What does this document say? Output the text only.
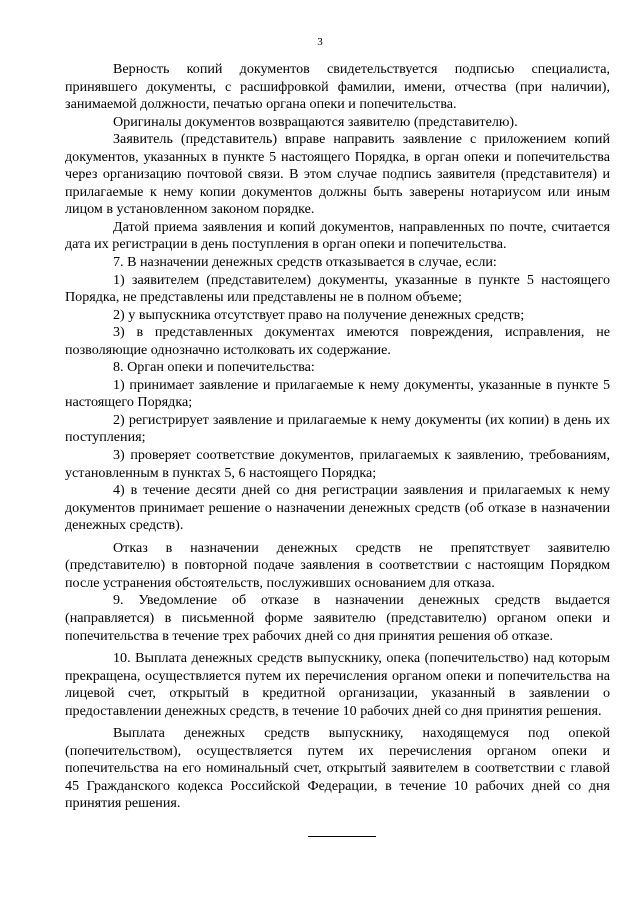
3

Верность копий документов свидетельствуется подписью специалиста, принявшего документы, с расшифровкой фамилии, имени, отчества (при наличии), занимаемой должности, печатью органа опеки и попечительства.

Оригиналы документов возвращаются заявителю (представителю).

Заявитель (представитель) вправе направить заявление с приложением копий документов, указанных в пункте 5 настоящего Порядка, в орган опеки и попечительства через организацию почтовой связи. В этом случае подпись заявителя (представителя) и прилагаемые к нему копии документов должны быть заверены нотариусом или иным лицом в установленном законом порядке.

Датой приема заявления и копий документов, направленных по почте, считается дата их регистрации в день поступления в орган опеки и попечительства.

7. В назначении денежных средств отказывается в случае, если:

1) заявителем (представителем) документы, указанные в пункте 5 настоящего Порядка, не представлены или представлены не в полном объеме;

2) у выпускника отсутствует право на получение денежных средств;

3) в представленных документах имеются повреждения, исправления, не позволяющие однозначно истолковать их содержание.

8. Орган опеки и попечительства:

1) принимает заявление и прилагаемые к нему документы, указанные в пункте 5 настоящего Порядка;

2) регистрирует заявление и прилагаемые к нему документы (их копии) в день их поступления;

3) проверяет соответствие документов, прилагаемых к заявлению, требованиям, установленным в пунктах 5, 6 настоящего Порядка;

4) в течение десяти дней со дня регистрации заявления и прилагаемых к нему документов принимает решение о назначении денежных средств (об отказе в назначении денежных средств).

Отказ в назначении денежных средств не препятствует заявителю (представителю) в повторной подаче заявления в соответствии с настоящим Порядком после устранения обстоятельств, послуживших основанием для отказа.

9. Уведомление об отказе в назначении денежных средств выдается (направляется) в письменной форме заявителю (представителю) органом опеки и попечительства в течение трех рабочих дней со дня принятия решения об отказе.

10. Выплата денежных средств выпускнику, опека (попечительство) над которым прекращена, осуществляется путем их перечисления органом опеки и попечительства на лицевой счет, открытый в кредитной организации, указанный в заявлении о предоставлении денежных средств, в течение 10 рабочих дней со дня принятия решения.

Выплата денежных средств выпускнику, находящемуся под опекой (попечительством), осуществляется путем их перечисления органом опеки и попечительства на его номинальный счет, открытый заявителем в соответствии с главой 45 Гражданского кодекса Российской Федерации, в течение 10 рабочих дней со дня принятия решения.
